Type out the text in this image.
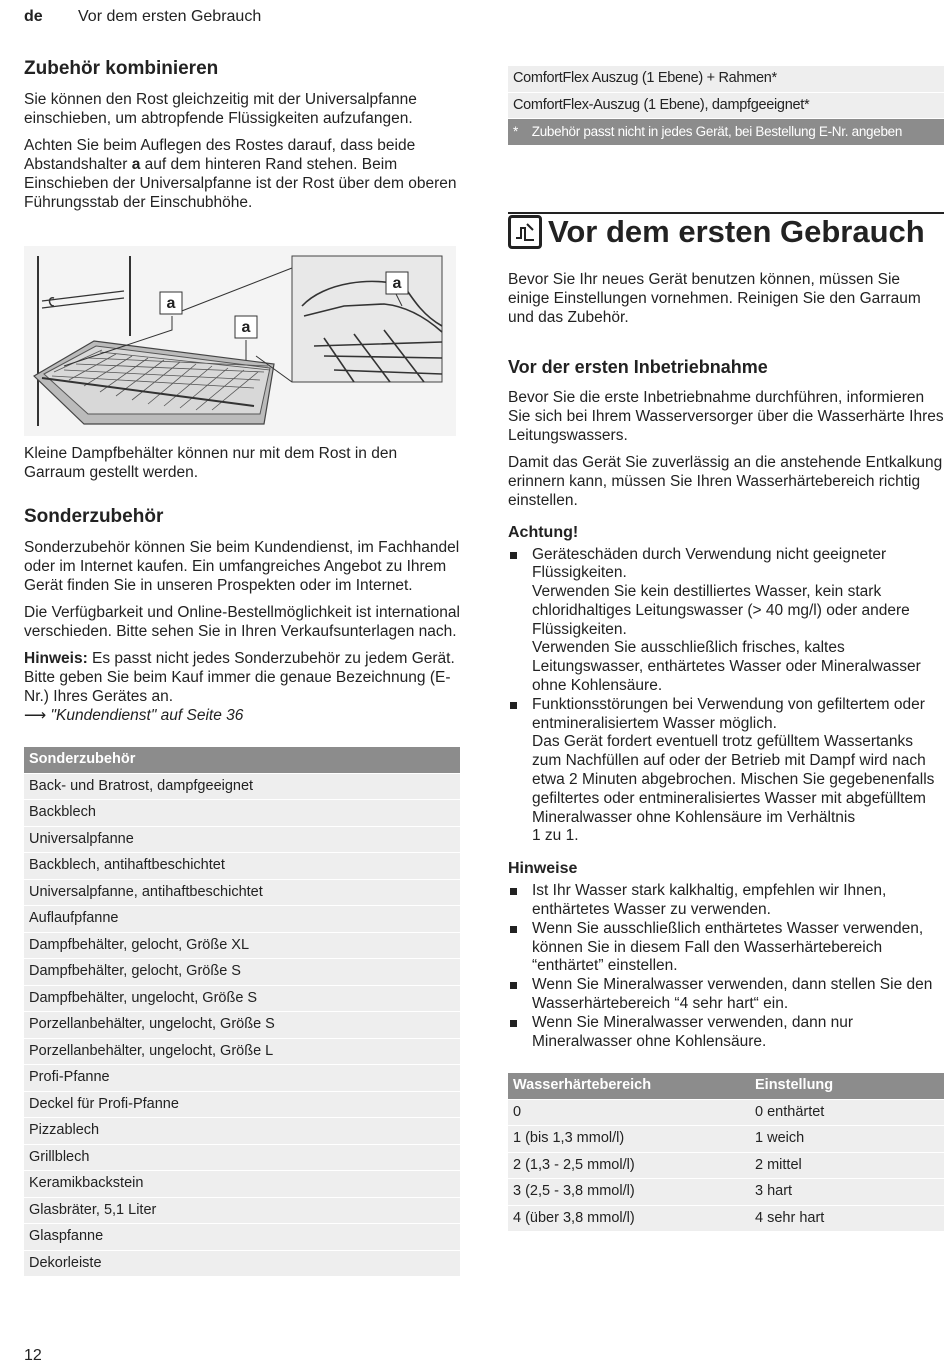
de Vor dem ersten Gebrauch
Zubehör kombinieren

Sie können den Rost gleichzeitig mit der Universalpfanne einschieben, um abtropfende Flüssigkeiten aufzufangen.

Achten Sie beim Auflegen des Rostes darauf, dass beide Abstandshalter a auf dem hinteren Rand stehen. Beim Einschieben der Universalpfanne ist der Rost über dem oberen Führungsstab der Einschubhöhe.

a
a
a

Kleine Dampfbehälter können nur mit dem Rost in den Garraum gestellt werden.

Sonderzubehör

Sonderzubehör können Sie beim Kundendienst, im Fachhandel oder im Internet kaufen. Ein umfangreiches Angebot zu Ihrem Gerät finden Sie in unseren Prospekten oder im Internet.

Die Verfügbarkeit und Online-Bestellmöglichkeit ist international verschieden. Bitte sehen Sie in Ihren Verkaufsunterlagen nach.

Hinweis: Es passt nicht jedes Sonderzubehör zu jedem Gerät. Bitte geben Sie beim Kauf immer die genaue Bezeichnung (E-Nr.) Ihres Gerätes an.

⟶ "Kundendienst" auf Seite 36

Sonderzubehör
Back- und Bratrost, dampfgeeignet
Backblech
Universalpfanne
Backblech, antihaftbeschichtet
Universalpfanne, antihaftbeschichtet
Auflaufpfanne
Dampfbehälter, gelocht, Größe XL
Dampfbehälter, gelocht, Größe S
Dampfbehälter, ungelocht, Größe S
Porzellanbehälter, ungelocht, Größe S
Porzellanbehälter, ungelocht, Größe L
Profi-Pfanne
Deckel für Profi-Pfanne
Pizzablech
Grillblech
Keramikbackstein
Glasbräter, 5,1 Liter
Glaspfanne
Dekorleiste
ComfortFlex Auszug (1 Ebene) + Rahmen*
ComfortFlex-Auszug (1 Ebene), dampfgeeignet*
* Zubehör passt nicht in jedes Gerät, bei Bestellung E-Nr. angeben
Vor dem ersten Gebrauch

Bevor Sie Ihr neues Gerät benutzen können, müssen Sie einige Einstellungen vornehmen. Reinigen Sie den Garraum und das Zubehör.

Vor der ersten Inbetriebnahme

Bevor Sie die erste Inbetriebnahme durchführen, informieren Sie sich bei Ihrem Wasserversorger über die Wasserhärte Ihres Leitungswassers.

Damit das Gerät Sie zuverlässig an die anstehende Entkalkung erinnern kann, müssen Sie Ihren Wasserhärtebereich richtig einstellen.

Achtung!
Geräteschäden durch Verwendung nicht geeigneter Flüssigkeiten.
Verwenden Sie kein destilliertes Wasser, kein stark chloridhaltiges Leitungswasser (> 40 mg/l) oder andere Flüssigkeiten.
Verwenden Sie ausschließlich frisches, kaltes Leitungswasser, enthärtetes Wasser oder Mineralwasser ohne Kohlensäure.
Funktionsstörungen bei Verwendung von gefiltertem oder entmineralisiertem Wasser möglich.
Das Gerät fordert eventuell trotz gefülltem Wassertanks zum Nachfüllen auf oder der Betrieb mit Dampf wird nach etwa 2 Minuten abgebrochen. Mischen Sie gegebenenfalls gefiltertes oder entmineralisiertes Wasser mit abgefülltem Mineralwasser ohne Kohlensäure im Verhältnis
1 zu 1.
Hinweise
Ist Ihr Wasser stark kalkhaltig, empfehlen wir Ihnen, enthärtetes Wasser zu verwenden.
Wenn Sie ausschließlich enthärtetes Wasser verwenden, können Sie in diesem Fall den Wasserhärtebereich “enthärtet” einstellen.
Wenn Sie Mineralwasser verwenden, dann stellen Sie den Wasserhärtebereich “4 sehr hart“ ein.
Wenn Sie Mineralwasser verwenden, dann nur Mineralwasser ohne Kohlensäure.
Wasserhärtebereich	Einstellung
0	0 enthärtet
1 (bis 1,3 mmol/l)	1 weich
2 (1,3 - 2,5 mmol/l)	2 mittel
3 (2,5 - 3,8 mmol/l)	3 hart
4 (über 3,8 mmol/l)	4 sehr hart
12
